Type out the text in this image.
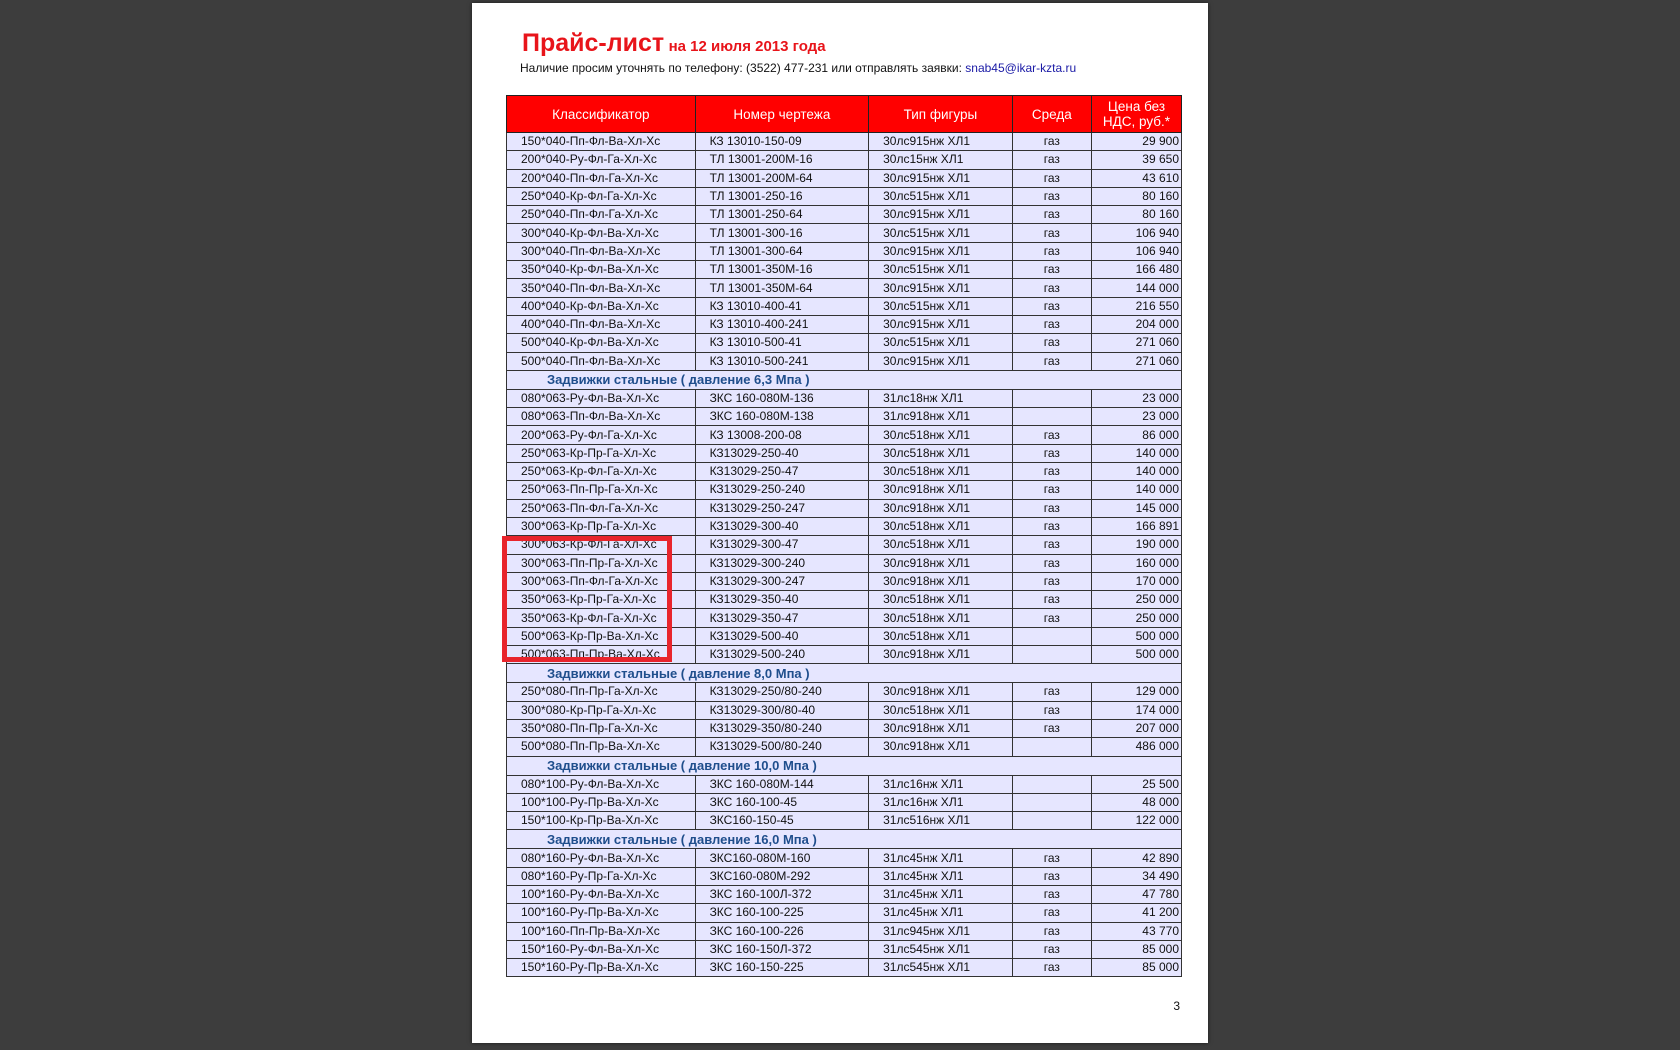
Прайс-лист на 12 июля 2013 года
Наличие просим уточнять по телефону: (3522) 477-231 или отправлять заявки: snab45@ikar-kzta.ru
Классификатор	Номер чертежа	Тип фигуры	Среда	Цена без НДС, руб.*
150*040-Пп-Фл-Ва-Хл-Хс	КЗ 13010-150-09	30лс915нж ХЛ1	газ	29 900
200*040-Ру-Фл-Га-Хл-Хс	ТЛ 13001-200М-16	30лс15нж ХЛ1	газ	39 650
200*040-Пп-Фл-Га-Хл-Хс	ТЛ 13001-200М-64	30лс915нж ХЛ1	газ	43 610
250*040-Кр-Фл-Га-Хл-Хс	ТЛ 13001-250-16	30лс515нж ХЛ1	газ	80 160
250*040-Пп-Фл-Га-Хл-Хс	ТЛ 13001-250-64	30лс915нж ХЛ1	газ	80 160
300*040-Кр-Фл-Ва-Хл-Хс	ТЛ 13001-300-16	30лс515нж ХЛ1	газ	106 940
300*040-Пп-Фл-Ва-Хл-Хс	ТЛ 13001-300-64	30лс915нж ХЛ1	газ	106 940
350*040-Кр-Фл-Ва-Хл-Хс	ТЛ 13001-350М-16	30лс515нж ХЛ1	газ	166 480
350*040-Пп-Фл-Ва-Хл-Хс	ТЛ 13001-350М-64	30лс915нж ХЛ1	газ	144 000
400*040-Кр-Фл-Ва-Хл-Хс	КЗ 13010-400-41	30лс515нж ХЛ1	газ	216 550
400*040-Пп-Фл-Ва-Хл-Хс	КЗ 13010-400-241	30лс915нж ХЛ1	газ	204 000
500*040-Кр-Фл-Ва-Хл-Хс	КЗ 13010-500-41	30лс515нж ХЛ1	газ	271 060
500*040-Пп-Фл-Ва-Хл-Хс	КЗ 13010-500-241	30лс915нж ХЛ1	газ	271 060
Задвижки стальные ( давление 6,3 Мпа )				
080*063-Ру-Фл-Ва-Хл-Хс	ЗКС 160-080М-136	31лс18нж ХЛ1		23 000
080*063-Пп-Фл-Ва-Хл-Хс	ЗКС 160-080М-138	31лс918нж ХЛ1		23 000
200*063-Ру-Фл-Га-Хл-Хс	КЗ 13008-200-08	30лс518нж ХЛ1	газ	86 000
250*063-Кр-Пр-Га-Хл-Хс	КЗ13029-250-40	30лс518нж ХЛ1	газ	140 000
250*063-Кр-Фл-Га-Хл-Хс	КЗ13029-250-47	30лс518нж ХЛ1	газ	140 000
250*063-Пп-Пр-Га-Хл-Хс	КЗ13029-250-240	30лс918нж ХЛ1	газ	140 000
250*063-Пп-Фл-Га-Хл-Хс	КЗ13029-250-247	30лс918нж ХЛ1	газ	145 000
300*063-Кр-Пр-Га-Хл-Хс	КЗ13029-300-40	30лс518нж ХЛ1	газ	166 891
300*063-Кр-Фл-Га-Хл-Хс	КЗ13029-300-47	30лс518нж ХЛ1	газ	190 000
300*063-Пп-Пр-Га-Хл-Хс	КЗ13029-300-240	30лс918нж ХЛ1	газ	160 000
300*063-Пп-Фл-Га-Хл-Хс	КЗ13029-300-247	30лс918нж ХЛ1	газ	170 000
350*063-Кр-Пр-Га-Хл-Хс	КЗ13029-350-40	30лс518нж ХЛ1	газ	250 000
350*063-Кр-Фл-Га-Хл-Хс	КЗ13029-350-47	30лс518нж ХЛ1	газ	250 000
500*063-Кр-Пр-Ва-Хл-Хс	КЗ13029-500-40	30лс518нж ХЛ1		500 000
500*063-Пп-Пр-Ва-Хл-Хс	КЗ13029-500-240	30лс918нж ХЛ1		500 000
Задвижки стальные ( давление 8,0 Мпа )				
250*080-Пп-Пр-Га-Хл-Хс	КЗ13029-250/80-240	30лс918нж ХЛ1	газ	129 000
300*080-Кр-Пр-Га-Хл-Хс	КЗ13029-300/80-40	30лс518нж ХЛ1	газ	174 000
350*080-Пп-Пр-Га-Хл-Хс	КЗ13029-350/80-240	30лс918нж ХЛ1	газ	207 000
500*080-Пп-Пр-Ва-Хл-Хс	КЗ13029-500/80-240	30лс918нж ХЛ1		486 000
Задвижки стальные ( давление 10,0 Мпа )				
080*100-Ру-Фл-Ва-Хл-Хс	ЗКС 160-080М-144	31лс16нж ХЛ1		25 500
100*100-Ру-Пр-Ва-Хл-Хс	ЗКС 160-100-45	31лс16нж ХЛ1		48 000
150*100-Кр-Пр-Ва-Хл-Хс	ЗКС160-150-45	31лс516нж ХЛ1		122 000
Задвижки стальные ( давление 16,0 Мпа )				
080*160-Ру-Фл-Ва-Хл-Хс	ЗКС160-080М-160	31лс45нж ХЛ1	газ	42 890
080*160-Ру-Пр-Га-Хл-Хс	ЗКС160-080М-292	31лс45нж ХЛ1	газ	34 490
100*160-Ру-Фл-Ва-Хл-Хс	ЗКС 160-100Л-372	31лс45нж ХЛ1	газ	47 780
100*160-Ру-Пр-Ва-Хл-Хс	ЗКС 160-100-225	31лс45нж ХЛ1	газ	41 200
100*160-Пп-Пр-Ва-Хл-Хс	ЗКС 160-100-226	31лс945нж ХЛ1	газ	43 770
150*160-Ру-Фл-Ва-Хл-Хс	ЗКС 160-150Л-372	31лс545нж ХЛ1	газ	85 000
150*160-Ру-Пр-Ва-Хл-Хс	ЗКС 160-150-225	31лс545нж ХЛ1	газ	85 000
3
